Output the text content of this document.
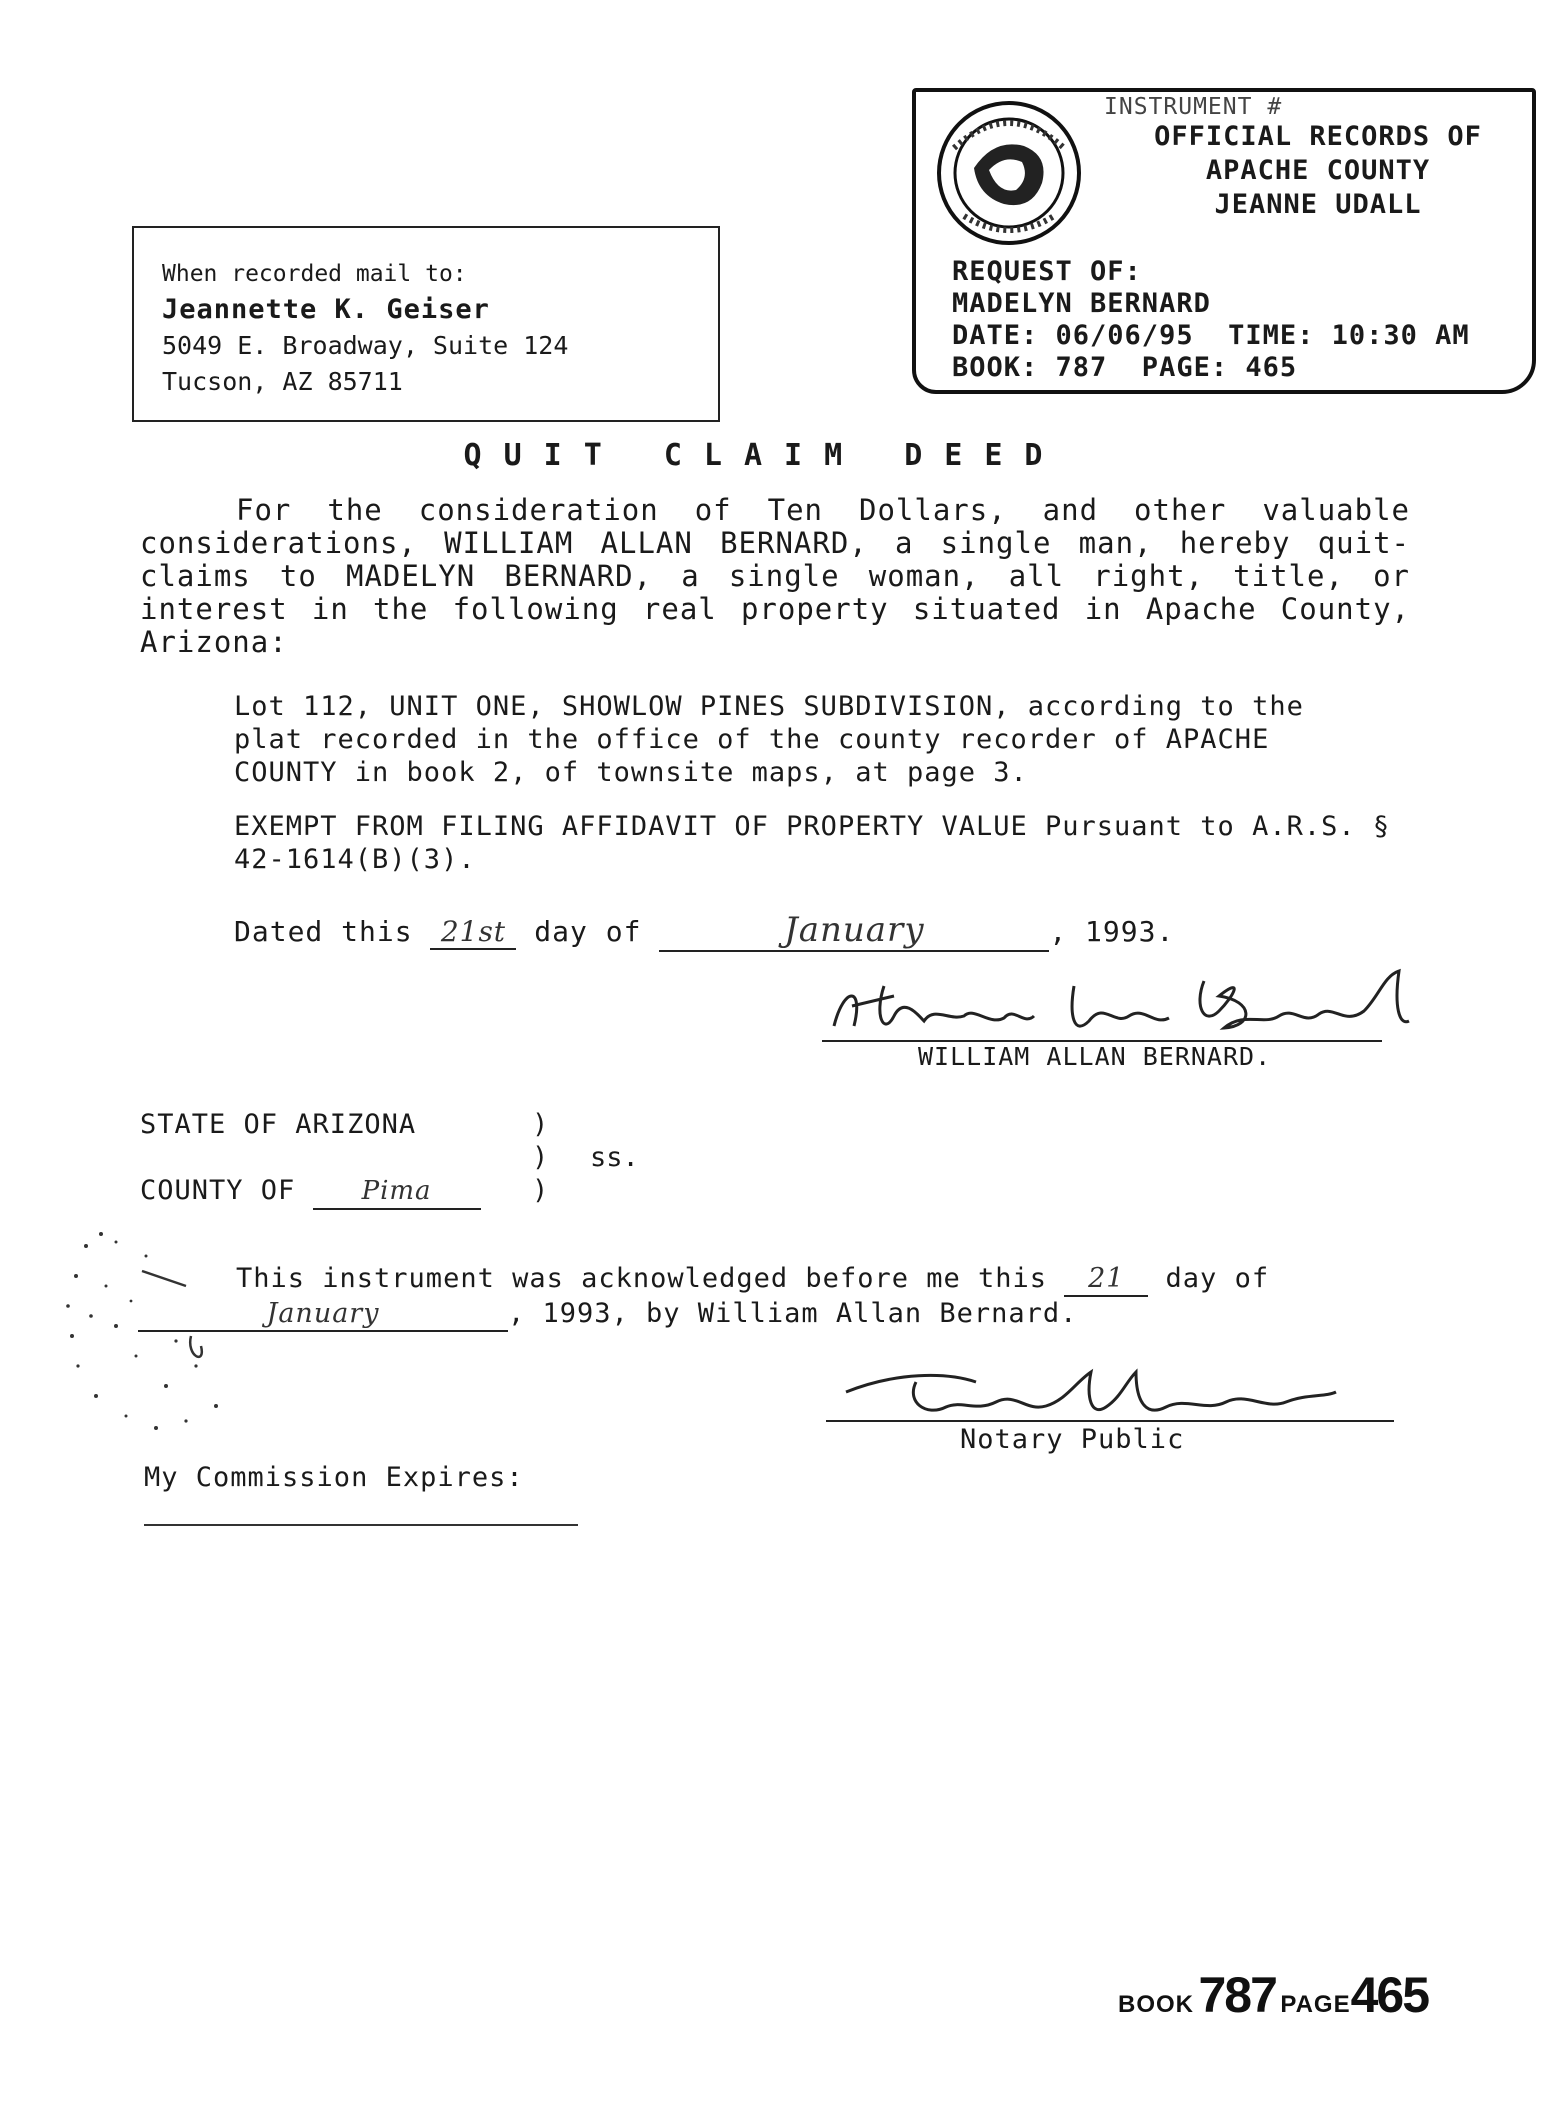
When recorded mail to:
Jeannette K. Geiser
5049 E. Broadway, Suite 124
Tucson, AZ 85711
INSTRUMENT #
OFFICIAL RECORDS OF
APACHE COUNTY
JEANNE UDALL
REQUEST OF:
MADELYN BERNARD
DATE: 06/06/95  TIME: 10:30 AM
BOOK: 787  PAGE: 465
QUIT CLAIM DEED
For the consideration of Ten Dollars, and other valuable considerations, WILLIAM ALLAN BERNARD, a single man, hereby quit-claims to MADELYN BERNARD, a single woman, all right, title, or interest in the following real property situated in Apache County, Arizona:
Lot 112, UNIT ONE, SHOWLOW PINES SUBDIVISION, according to the plat recorded in the office of the county recorder of APACHE COUNTY in book 2, of townsite maps, at page 3.
EXEMPT FROM FILING AFFIDAVIT OF PROPERTY VALUE Pursuant to A.R.S. § 42-1614(B)(3).
Dated this 21st day of	January	, 1993.
WILLIAM ALLAN BERNARD.
STATE OF ARIZONA	)
)
COUNTY OF	Pima	)
ss.
This instrument was acknowledged before me this 21 day of
January	, 1993, by William Allan Bernard.
Notary Public
My Commission Expires:
BOOK 787 PAGE465
